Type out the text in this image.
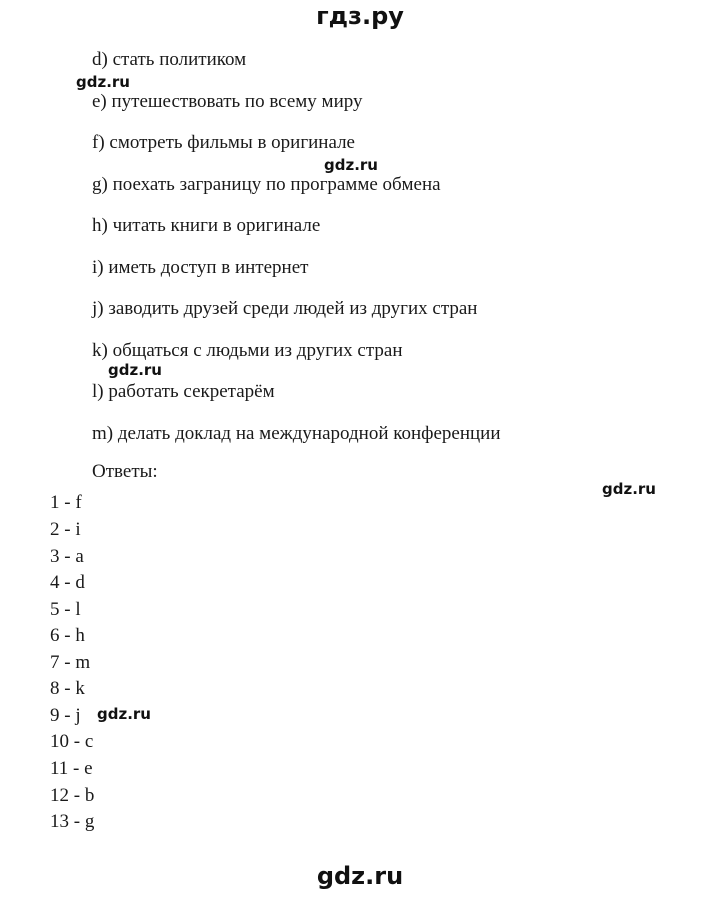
гдз.ру
d) стать политиком
gdz.ru
e) путешествовать по всему миру
f) смотреть фильмы в оригинале
gdz.ru
g) поехать заграницу по программе обмена
h) читать книги в оригинале
i) иметь доступ в интернет
j) заводить друзей среди людей из других стран
k) общаться с людьми из других стран
gdz.ru
l) работать секретарём
m) делать доклад на международной конференции
Ответы:
gdz.ru
1 - f
2 - i
3 - a
4 - d
5 - l
6 - h
7 - m
8 - k
9 - j gdz.ru
10 - c
11 - e
12 - b
13 - g
gdz.ru
